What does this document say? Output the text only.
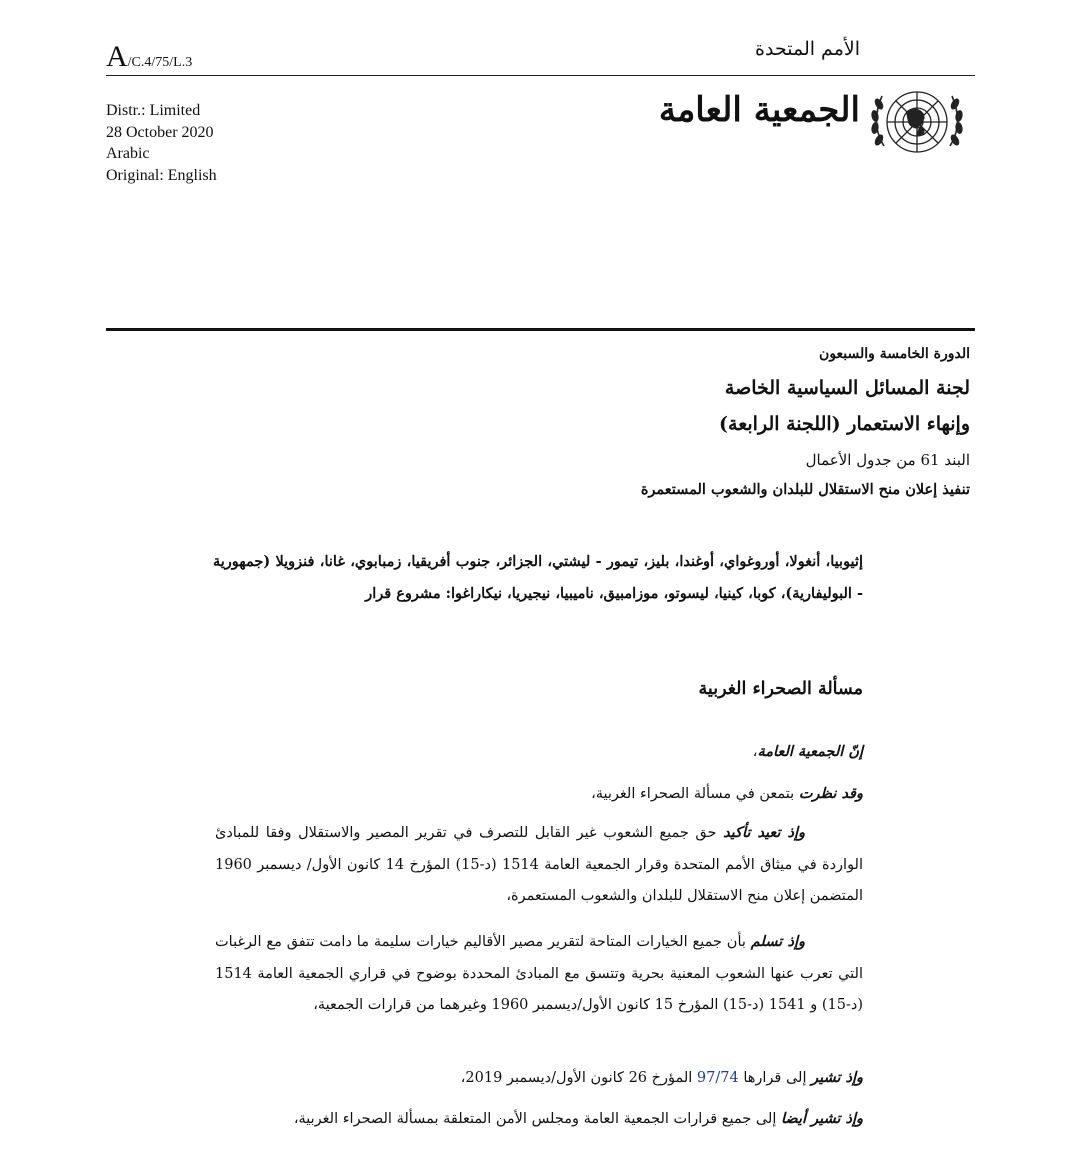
A/C.4/75/L.3
الأمم المتحدة
Distr.: Limited
28 October 2020
Arabic
Original: English
الجمعية العامة
الدورة الخامسة والسبعون
لجنة المسائل السياسية الخاصة
وإنهاء الاستعمار (اللجنة الرابعة)
البند 61 من جدول الأعمال
تنفيذ إعلان منح الاستقلال للبلدان والشعوب المستعمرة
إثيوبيا، أنغولا، أوروغواي، أوغندا، بليز، تيمور - ليشتي، الجزائر، جنوب أفريقيا، زمبابوي، غانا، فنزويلا (جمهورية - البوليفارية)، كوبا، كينيا، ليسوتو، موزامبيق، ناميبيا، نيجيريا، نيكاراغوا: مشروع قرار
مسألة الصحراء الغربية
إنّ الجمعية العامة،
وقد نظرت بتمعن في مسألة الصحراء الغربية،
وإذ تعيد تأكيد حق جميع الشعوب غير القابل للتصرف في تقرير المصير والاستقلال وفقا للمبادئ الواردة في ميثاق الأمم المتحدة وقرار الجمعية العامة 1514 (د-15) المؤرخ 14 كانون الأول/ ديسمبر 1960 المتضمن إعلان منح الاستقلال للبلدان والشعوب المستعمرة،
وإذ تسلم بأن جميع الخيارات المتاحة لتقرير مصير الأقاليم خيارات سليمة ما دامت تتفق مع الرغبات التي تعرب عنها الشعوب المعنية بحرية وتتسق مع المبادئ المحددة بوضوح في قراري الجمعية العامة 1514 (د-15) و 1541 (د-15) المؤرخ 15 كانون الأول/ديسمبر 1960 وغيرهما من قرارات الجمعية،
وإذ تشير إلى قرارها 97/74 المؤرخ 26 كانون الأول/ديسمبر 2019،
وإذ تشير أيضا إلى جميع قرارات الجمعية العامة ومجلس الأمن المتعلقة بمسألة الصحراء الغربية،
